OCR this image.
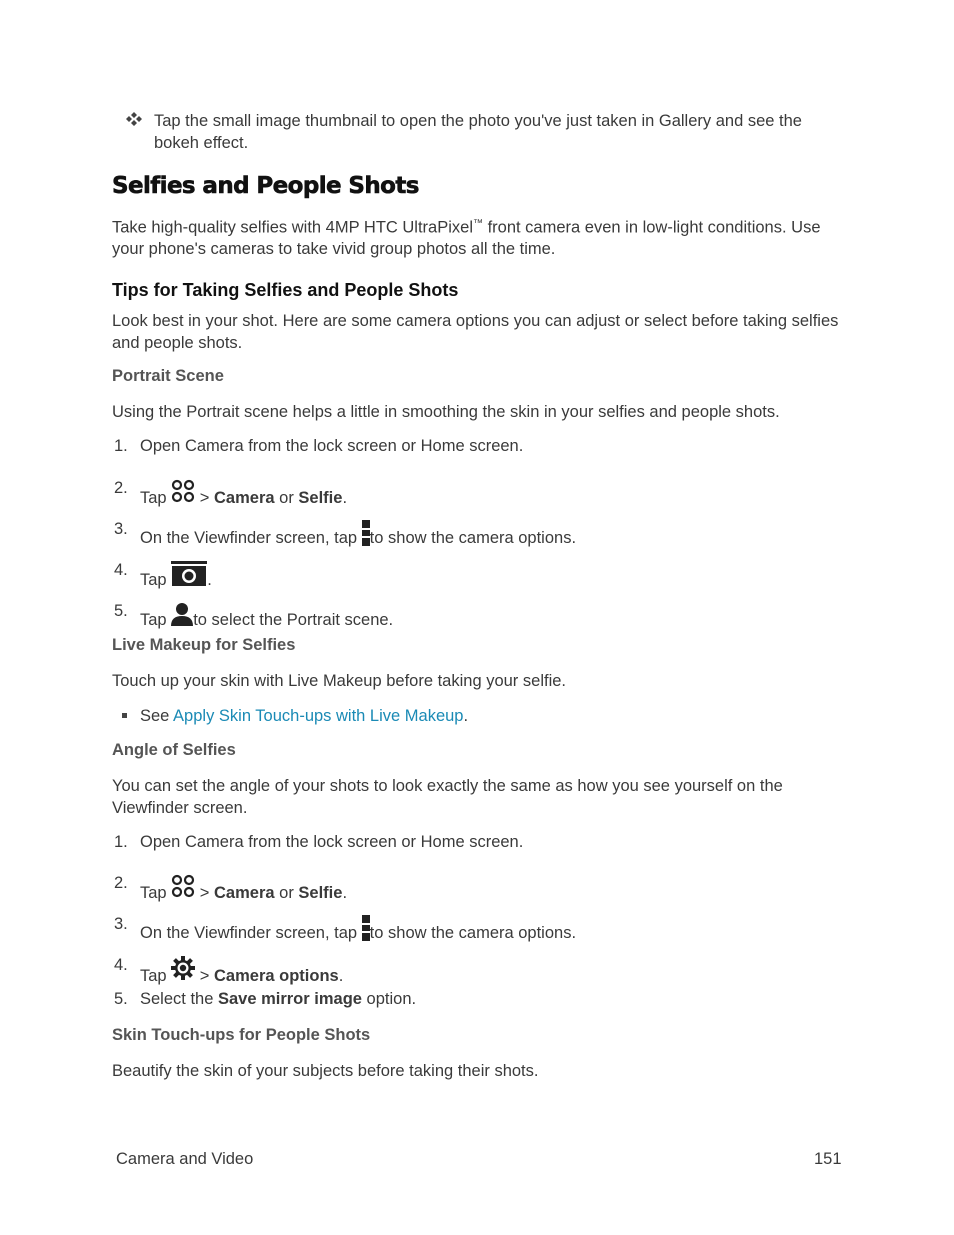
Tap the small image thumbnail to open the photo you've just taken in Gallery and see the
bokeh effect.

Selfies and People Shots

Take high-quality selfies with 4MP HTC UltraPixel™ front camera even in low-light conditions. Use
your phone's cameras to take vivid group photos all the time.

Tips for Taking Selfies and People Shots

Look best in your shot. Here are some camera options you can adjust or select before taking selfies
and people shots.

Portrait Scene

Using the Portrait scene helps a little in smoothing the skin in your selfies and people shots.

1. Open Camera from the lock screen or Home screen.
2.
Tap  > Camera or Selfie.
3. On the Viewfinder screen, tap to show the camera options.
4.
Tap .
5. Tap to select the Portrait scene.
Live Makeup for Selfies

Touch up your skin with Live Makeup before taking your selfie.

See Apply Skin Touch-ups with Live Makeup.

Angle of Selfies

You can set the angle of your shots to look exactly the same as how you see yourself on the
Viewfinder screen.

1. Open Camera from the lock screen or Home screen.
2.
Tap  > Camera or Selfie.
3. On the Viewfinder screen, tap to show the camera options.
4.
Tap  > Camera options.
5. Select the Save mirror image option.
Skin Touch-ups for People Shots

Beautify the skin of your subjects before taking their shots.

Camera and Video	151
